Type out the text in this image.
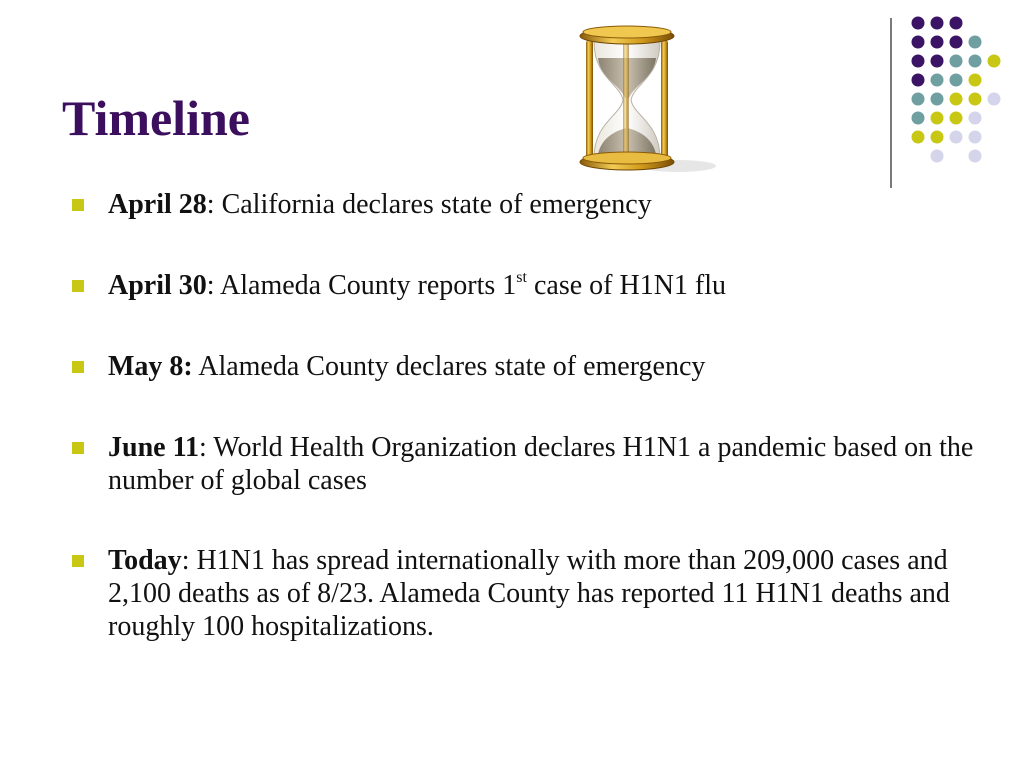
Timeline
April 28: California declares state of emergency
April 30: Alameda County reports 1st case of H1N1 flu
May 8: Alameda County declares state of emergency
June 11: World Health Organization declares H1N1 a pandemic based on the number of global cases
Today: H1N1 has spread internationally with more than 209,000 cases and 2,100 deaths as of 8/23. Alameda County has reported 11 H1N1 deaths and roughly 100 hospitalizations.
